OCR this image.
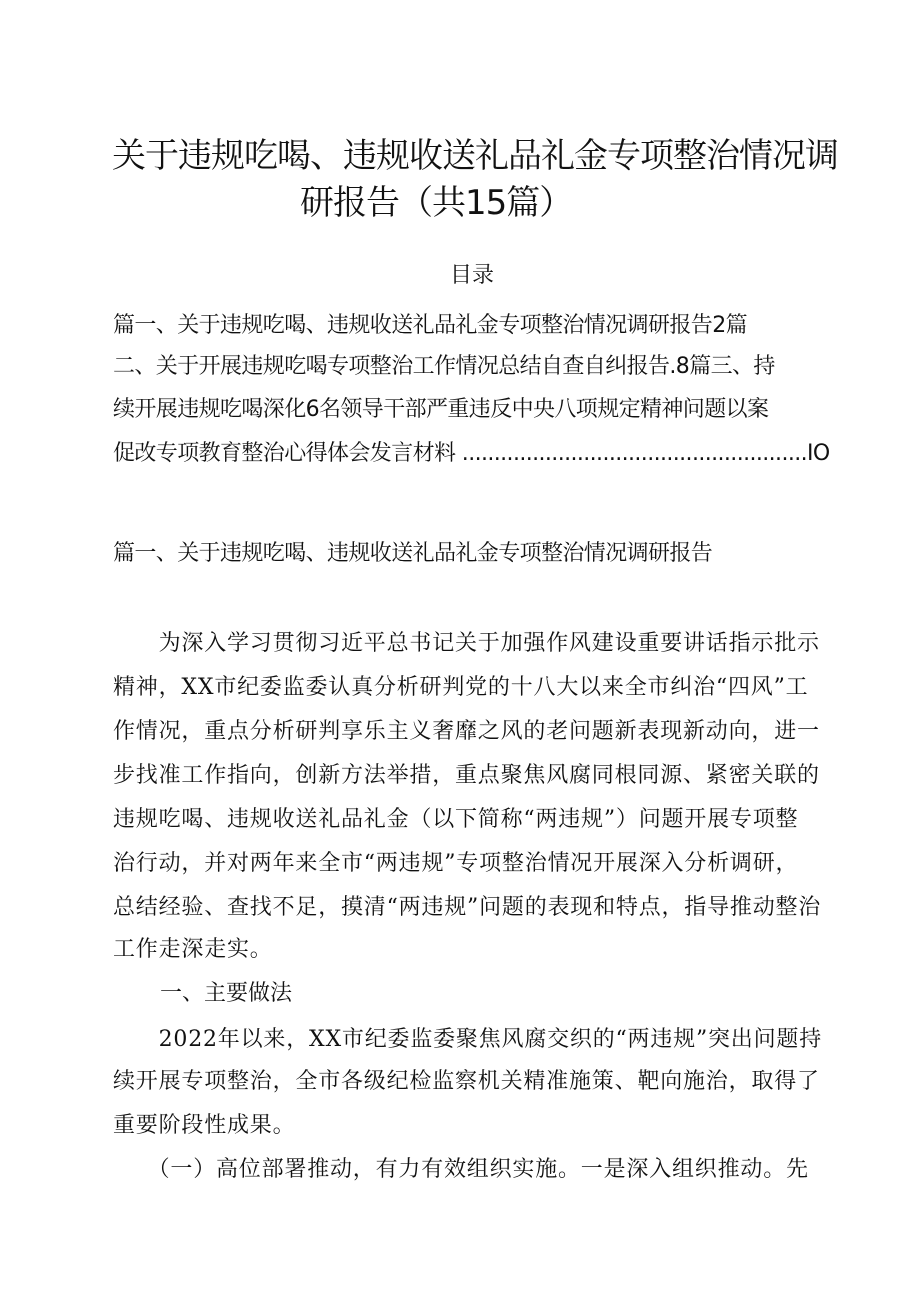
关于违规吃喝、违规收送礼品礼金专项整治情况调
研报告（共15篇）
目录
篇一、关于违规吃喝、违规收送礼品礼金专项整治情况调研报告2篇
二、关于开展违规吃喝专项整治工作情况总结自查自纠报告.8篇三、持
续开展违规吃喝深化6名领导干部严重违反中央八项规定精神问题以案
促改专项教育整治心得体会发言材料 ......................................................IO
篇一、关于违规吃喝、违规收送礼品礼金专项整治情况调研报告
　　为深入学习贯彻习近平总书记关于加强作风建设重要讲话指示批示
精神，XX市纪委监委认真分析研判党的十八大以来全市纠治“四风”工
作情况，重点分析研判享乐主义奢靡之风的老问题新表现新动向，进一
步找准工作指向，创新方法举措，重点聚焦风腐同根同源、紧密关联的
违规吃喝、违规收送礼品礼金（以下简称“两违规”）问题开展专项整
治行动，并对两年来全市“两违规”专项整治情况开展深入分析调研，
总结经验、查找不足，摸清“两违规”问题的表现和特点，指导推动整治
工作走深走实。
一、主要做法
　　2022年以来，XX市纪委监委聚焦风腐交织的“两违规”突出问题持
续开展专项整治，全市各级纪检监察机关精准施策、靶向施治，取得了
重要阶段性成果。
　　（一）高位部署推动，有力有效组织实施。一是深入组织推动。先
